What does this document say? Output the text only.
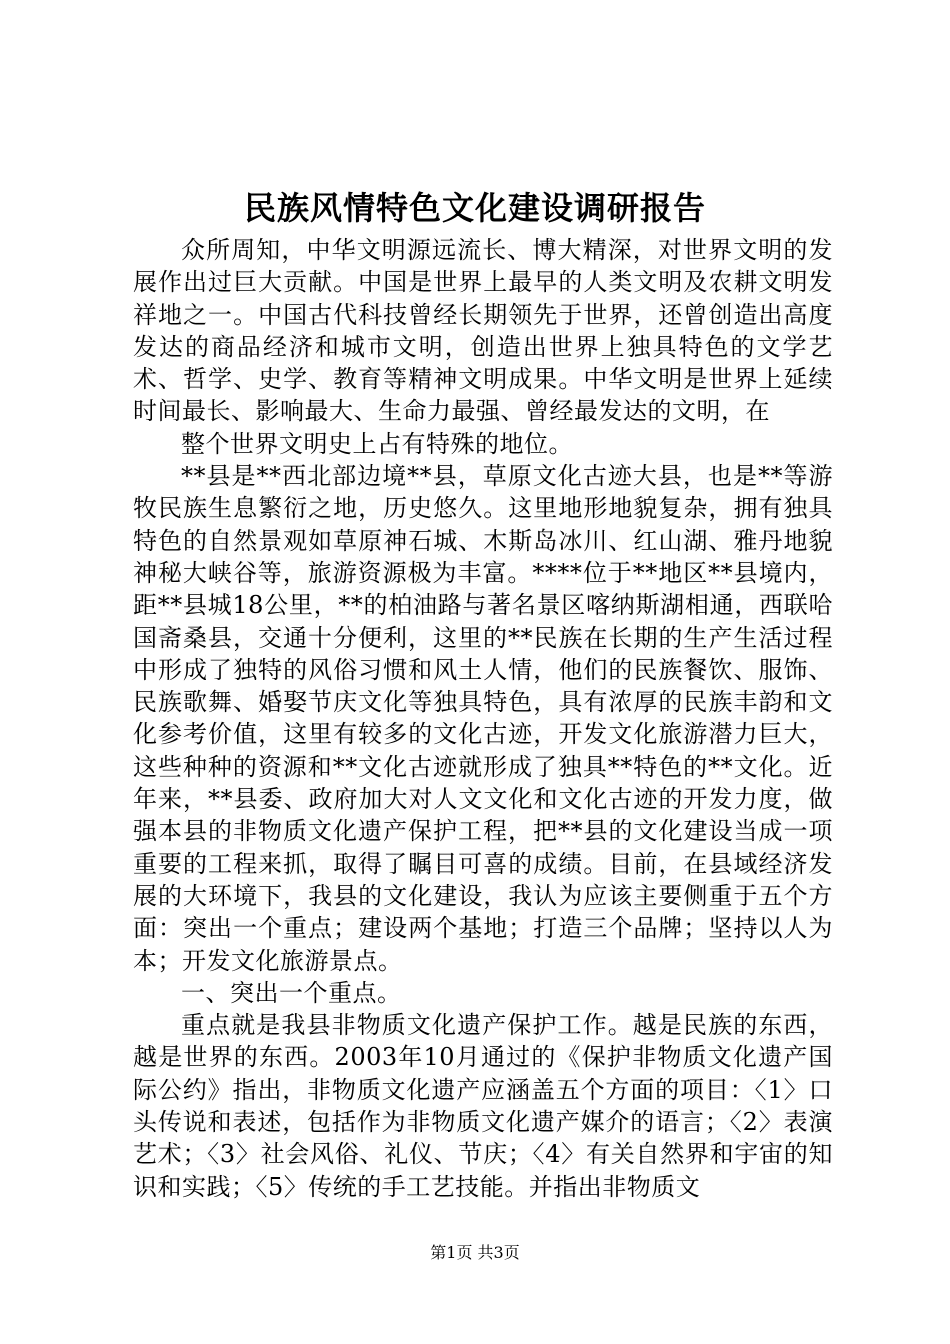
民族风情特色文化建设调研报告

众所周知，中华文明源远流长、博大精深，对世界文明的发展作出过巨大贡献。中国是世界上最早的人类文明及农耕文明发祥地之一。中国古代科技曾经长期领先于世界，还曾创造出高度发达的商品经济和城市文明，创造出世界上独具特色的文学艺术、哲学、史学、教育等精神文明成果。中华文明是世界上延续时间最长、影响最大、生命力最强、曾经最发达的文明，在

整个世界文明史上占有特殊的地位。

**县是**西北部边境**县，草原文化古迹大县，也是**等游牧民族生息繁衍之地，历史悠久。这里地形地貌复杂，拥有独具特色的自然景观如草原神石城、木斯岛冰川、红山湖、雅丹地貌神秘大峡谷等，旅游资源极为丰富。****位于**地区**县境内，距**县城18公里，**的柏油路与著名景区喀纳斯湖相通，西联哈国斋桑县，交通十分便利，这里的**民族在长期的生产生活过程中形成了独特的风俗习惯和风土人情，他们的民族餐饮、服饰、民族歌舞、婚娶节庆文化等独具特色，具有浓厚的民族丰韵和文化参考价值，这里有较多的文化古迹，开发文化旅游潜力巨大，这些种种的资源和**文化古迹就形成了独具**特色的**文化。近年来，**县委、政府加大对人文文化和文化古迹的开发力度，做强本县的非物质文化遗产保护工程，把**县的文化建设当成一项重要的工程来抓，取得了瞩目可喜的成绩。目前，在县域经济发展的大环境下，我县的文化建设，我认为应该主要侧重于五个方面：突出一个重点；建设两个基地；打造三个品牌；坚持以人为本；开发文化旅游景点。

一、突出一个重点。

重点就是我县非物质文化遗产保护工作。越是民族的东西，越是世界的东西。2003年10月通过的《保护非物质文化遗产国际公约》指出，非物质文化遗产应涵盖五个方面的项目：〈1〉口头传说和表述，包括作为非物质文化遗产媒介的语言；〈2〉表演艺术；〈3〉社会风俗、礼仪、节庆；〈4〉有关自然界和宇宙的知识和实践；〈5〉传统的手工艺技能。并指出非物质文

第1页 共3页
